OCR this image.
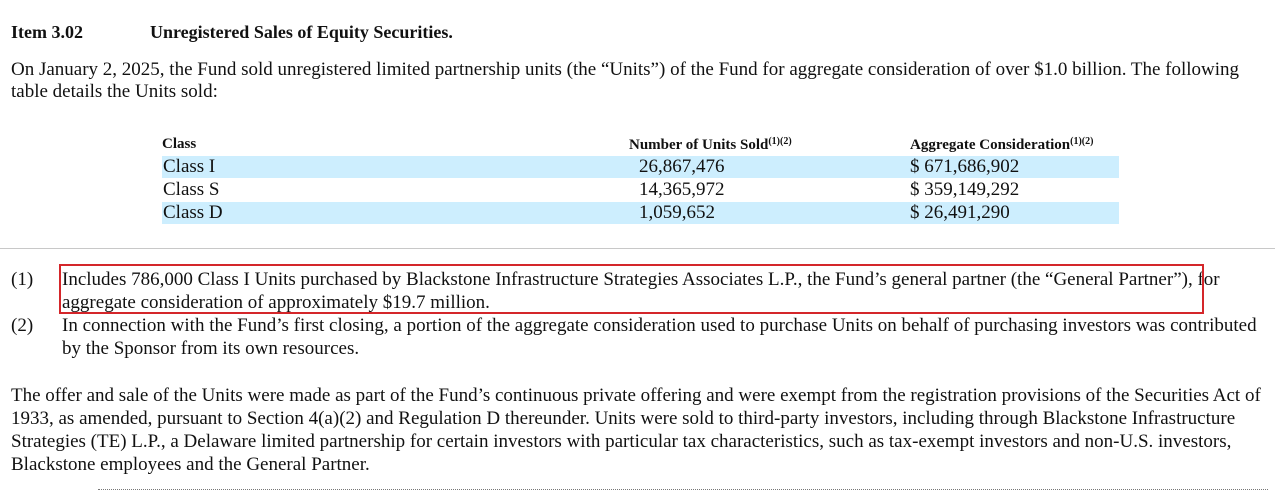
Item 3.02	Unregistered Sales of Equity Securities.
On January 2, 2025, the Fund sold unregistered limited partnership units (the “Units”) of the Fund for aggregate consideration of over $1.0 billion. The following table details the Units sold:
Class	Number of Units Sold$^{(1)(2)}$	Aggregate Consideration$^{(1)(2)}$
Class I	26,867,476	$ 671,686,902
Class S	14,365,972	$ 359,149,292
Class D	1,059,652	$ 26,491,290
(1) Includes 786,000 Class I Units purchased by Blackstone Infrastructure Strategies Associates L.P., the Fund’s general partner (the “General Partner”), for aggregate consideration of approximately $19.7 million.
(2) In connection with the Fund’s first closing, a portion of the aggregate consideration used to purchase Units on behalf of purchasing investors was contributed by the Sponsor from its own resources.
The offer and sale of the Units were made as part of the Fund’s continuous private offering and were exempt from the registration provisions of the Securities Act of 1933, as amended, pursuant to Section 4(a)(2) and Regulation D thereunder. Units were sold to third-party investors, including through Blackstone Infrastructure Strategies (TE) L.P., a Delaware limited partnership for certain investors with particular tax characteristics, such as tax-exempt investors and non-U.S. investors, Blackstone employees and the General Partner.
